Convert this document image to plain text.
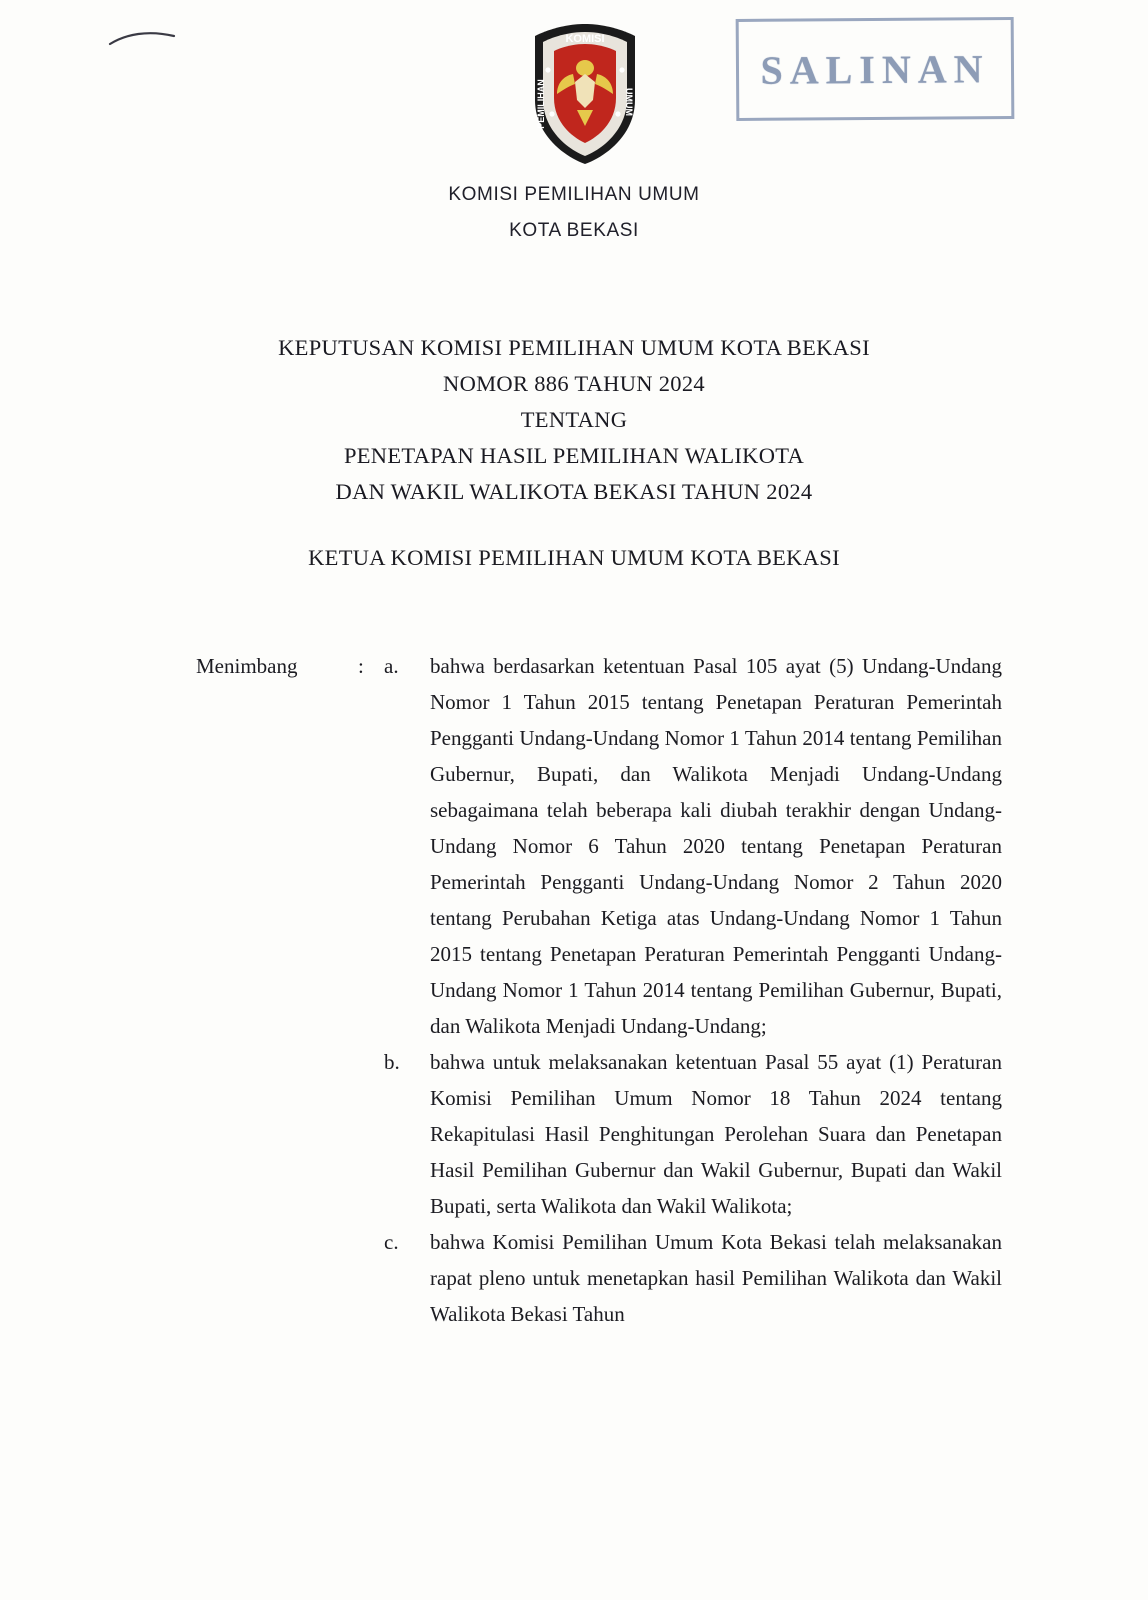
SALINAN
KOMISI
PEMILIHAN	UMUM
KOMISI PEMILIHAN UMUM
KOTA BEKASI
KEPUTUSAN KOMISI PEMILIHAN UMUM KOTA BEKASI
NOMOR 886 TAHUN 2024
TENTANG
PENETAPAN HASIL PEMILIHAN WALIKOTA
DAN WAKIL WALIKOTA BEKASI TAHUN 2024
KETUA KOMISI PEMILIHAN UMUM KOTA BEKASI
Menimbang	: a.	bahwa berdasarkan ketentuan Pasal 105 ayat (5) Undang-Undang Nomor 1 Tahun 2015 tentang Penetapan Peraturan Pemerintah Pengganti Undang-Undang Nomor 1 Tahun 2014 tentang Pemilihan Gubernur, Bupati, dan Walikota Menjadi Undang-Undang sebagaimana telah beberapa kali diubah terakhir dengan Undang-Undang Nomor 6 Tahun 2020 tentang Penetapan Peraturan Pemerintah Pengganti Undang-Undang Nomor 2 Tahun 2020 tentang Perubahan Ketiga atas Undang-Undang Nomor 1 Tahun 2015 tentang Penetapan Peraturan Pemerintah Pengganti Undang-Undang Nomor 1 Tahun 2014 tentang Pemilihan Gubernur, Bupati, dan Walikota Menjadi Undang-Undang;
b.	bahwa untuk melaksanakan ketentuan Pasal 55 ayat (1) Peraturan Komisi Pemilihan Umum Nomor 18 Tahun 2024 tentang Rekapitulasi Hasil Penghitungan Perolehan Suara dan Penetapan Hasil Pemilihan Gubernur dan Wakil Gubernur, Bupati dan Wakil Bupati, serta Walikota dan Wakil Walikota;
c.	bahwa Komisi Pemilihan Umum Kota Bekasi telah melaksanakan rapat pleno untuk menetapkan hasil Pemilihan Walikota dan Wakil Walikota Bekasi Tahun
